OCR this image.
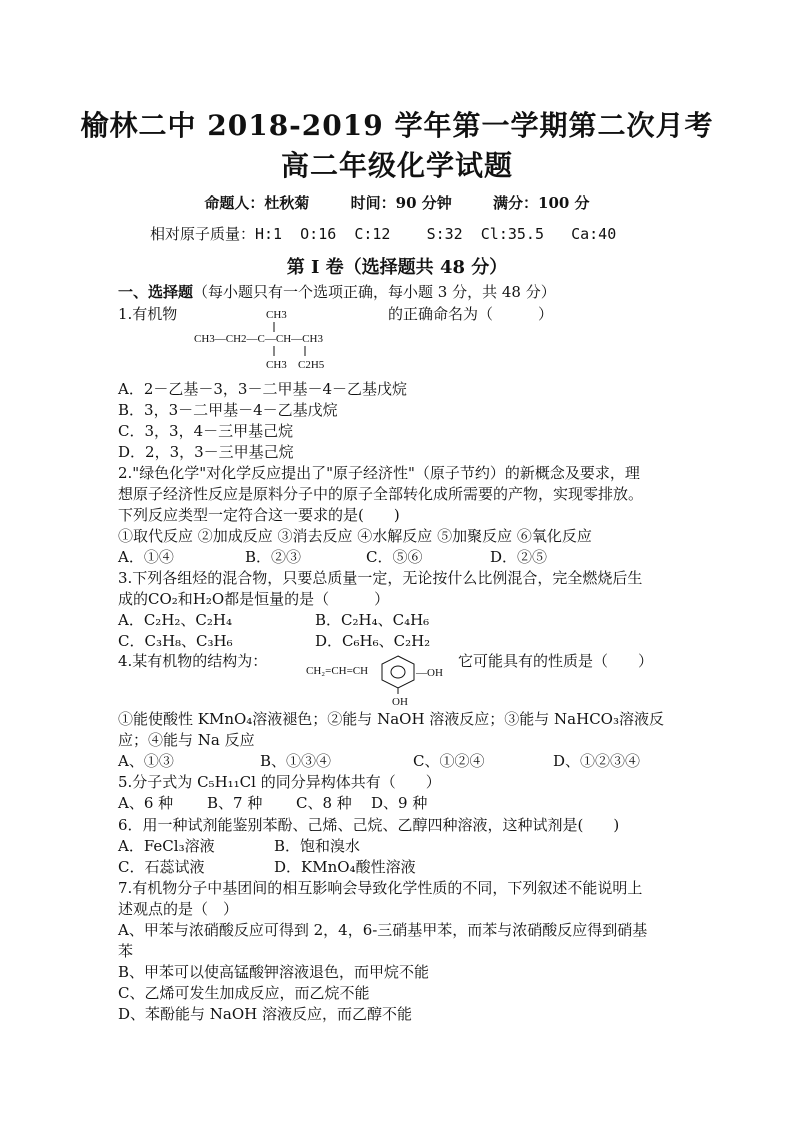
榆林二中 2018-2019 学年第一学期第二次月考
高二年级化学试题
命题人：杜秋菊	时间：90 分钟	满分：100 分
相对原子质量：H:1  O:16  C:12    S:32  Cl:35.5   Ca:40
第 I 卷（选择题共 48 分）
一、选择题（每小题只有一个选项正确，每小题 3 分，共 48 分）
1.有机物	的正确命名为（　　　）
CH3
CH3—CH2—C—CH—CH3
CH3 C2H5
A．2－乙基－3，3－二甲基－4－乙基戊烷
B．3，3－二甲基－4－乙基戊烷
C．3，3，4－三甲基己烷
D．2，3，3－三甲基己烷
2."绿色化学"对化学反应提出了"原子经济性"（原子节约）的新概念及要求，理
想原子经济性反应是原料分子中的原子全部转化成所需要的产物，实现零排放。
下列反应类型一定符合这一要求的是(　　)
①取代反应 ②加成反应 ③消去反应 ④水解反应 ⑤加聚反应 ⑥氧化反应
A．①④	B．②③	C．⑤⑥	D．②⑤
3.下列各组烃的混合物，只要总质量一定，无论按什么比例混合，完全燃烧后生
成的CO₂和H₂O都是恒量的是（　　　）
A．C₂H₂、C₂H₄	B．C₂H₄、C₄H₆
C．C₃H₈、C₃H₆	D．C₆H₆、C₂H₂
4.某有机物的结构为：
CH₂=CH=CH	—OH
OH
它可能具有的性质是（　　）
①能使酸性 KMnO₄溶液褪色；②能与 NaOH 溶液反应；③能与 NaHCO₃溶液反
应；④能与 Na 反应
A、①③	B、①③④	C、①②④	D、①②③④
5.分子式为 C₅H₁₁Cl 的同分异构体共有（　　）
A、6 种 B、7 种 C、8 种 D、9 种
6．用一种试剂能鉴别苯酚、己烯、己烷、乙醇四种溶液，这种试剂是(　　)
A．FeCl₃溶液	B．饱和溴水
C．石蕊试液	D．KMnO₄酸性溶液
7.有机物分子中基团间的相互影响会导致化学性质的不同，下列叙述不能说明上
述观点的是（　）
A、甲苯与浓硝酸反应可得到 2，4，6-三硝基甲苯，而苯与浓硝酸反应得到硝基
苯
B、甲苯可以使高锰酸钾溶液退色，而甲烷不能
C、乙烯可发生加成反应，而乙烷不能
D、苯酚能与 NaOH 溶液反应，而乙醇不能
